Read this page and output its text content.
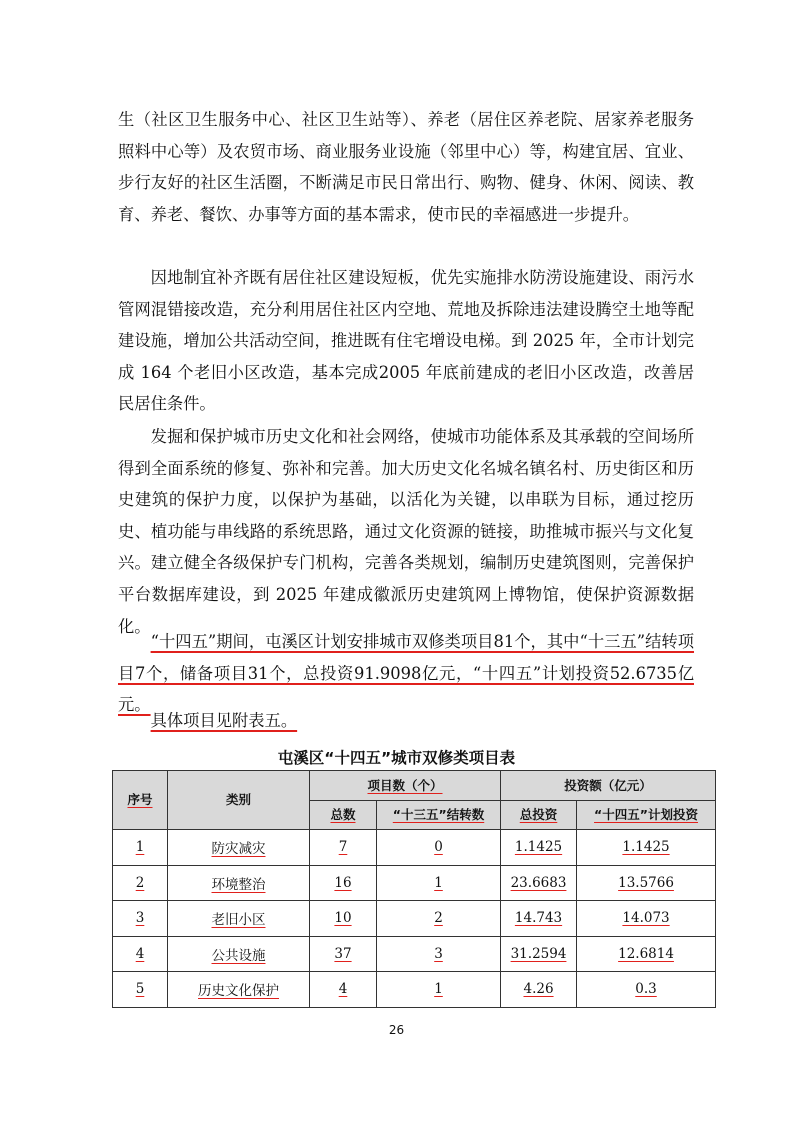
生（社区卫生服务中心、社区卫生站等）、养老（居住区养老院、居家养老服务照料中心等）及农贸市场、商业服务业设施（邻里中心）等，构建宜居、宜业、步行友好的社区生活圈，不断满足市民日常出行、购物、健身、休闲、阅读、教育、养老、餐饮、办事等方面的基本需求，使市民的幸福感进一步提升。

因地制宜补齐既有居住社区建设短板，优先实施排水防涝设施建设、雨污水管网混错接改造，充分利用居住社区内空地、荒地及拆除违法建设腾空土地等配建设施，增加公共活动空间，推进既有住宅增设电梯。到 2025 年，全市计划完成 164 个老旧小区改造，基本完成2005 年底前建成的老旧小区改造，改善居民居住条件。

发掘和保护城市历史文化和社会网络，使城市功能体系及其承载的空间场所得到全面系统的修复、弥补和完善。加大历史文化名城名镇名村、历史街区和历史建筑的保护力度，以保护为基础，以活化为关键，以串联为目标，通过挖历史、植功能与串线路的系统思路，通过文化资源的链接，助推城市振兴与文化复兴。建立健全各级保护专门机构，完善各类规划，编制历史建筑图则，完善保护平台数据库建设，到 2025 年建成徽派历史建筑网上博物馆，使保护资源数据化。

“十四五”期间，屯溪区计划安排城市双修类项目81个，其中“十三五”结转项目7个，储备项目31个，总投资91.9098亿元，“十四五”计划投资52.6735亿元。

具体项目见附表五。

屯溪区“十四五”城市双修类项目表
序号	类别	项目数（个）		投资额（亿元）	
		总数	“十三五”结转数	总投资	“十四五”计划投资
1	防灾减灾	7	0	1.1425	1.1425
2	环境整治	16	1	23.6683	13.5766
3	老旧小区	10	2	14.743	14.073
4	公共设施	37	3	31.2594	12.6814
5	历史文化保护	4	1	4.26	0.3
26
